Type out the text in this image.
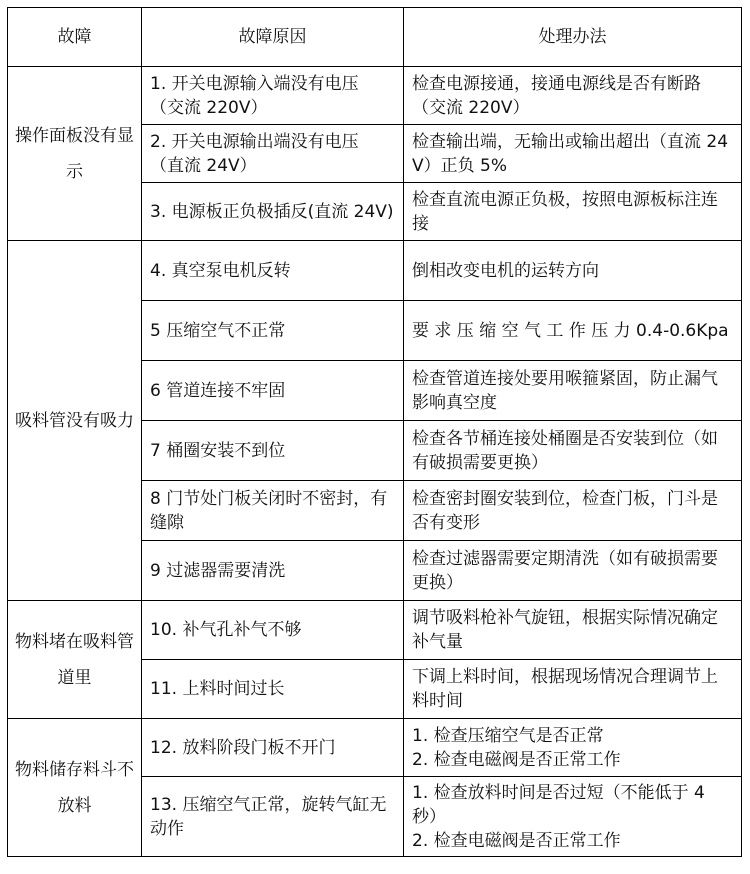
故障	故障原因	处理办法
操作面板没有显示	1. 开关电源输入端没有电压 （交流 220V）	检查电源接通，接通电源线是否有断路（交流 220V）
	2. 开关电源输出端没有电压 （直流 24V）	检查输出端，无输出或输出超出（直流 24V）正负 5%
	3. 电源板正负极插反(直流 24V)	检查直流电源正负极，按照电源板标注连接
吸料管没有吸力	4. 真空泵电机反转	倒相改变电机的运转方向
	5 压缩空气不正常	要 求 压 缩 空 气 工 作 压 力 0.4-0.6Kpa
	6 管道连接不牢固	检查管道连接处要用喉箍紧固，防止漏气影响真空度
	7 桶圈安装不到位	检查各节桶连接处桶圈是否安装到位（如有破损需要更换）
	8 门节处门板关闭时不密封，有缝隙	检查密封圈安装到位，检查门板，门斗是否有变形
	9 过滤器需要清洗	检查过滤器需要定期清洗（如有破损需要更换）
物料堵在吸料管道里	10. 补气孔补气不够	调节吸料枪补气旋钮，根据实际情况确定补气量
	11. 上料时间过长	下调上料时间，根据现场情况合理调节上料时间
物料储存料斗不放料	12. 放料阶段门板不开门	1. 检查压缩空气是否正常
2. 检查电磁阀是否正常工作

	13. 压缩空气正常，旋转气缸无动作	1. 检查放料时间是否过短（不能低于 4 秒）
2. 检查电磁阀是否正常工作
